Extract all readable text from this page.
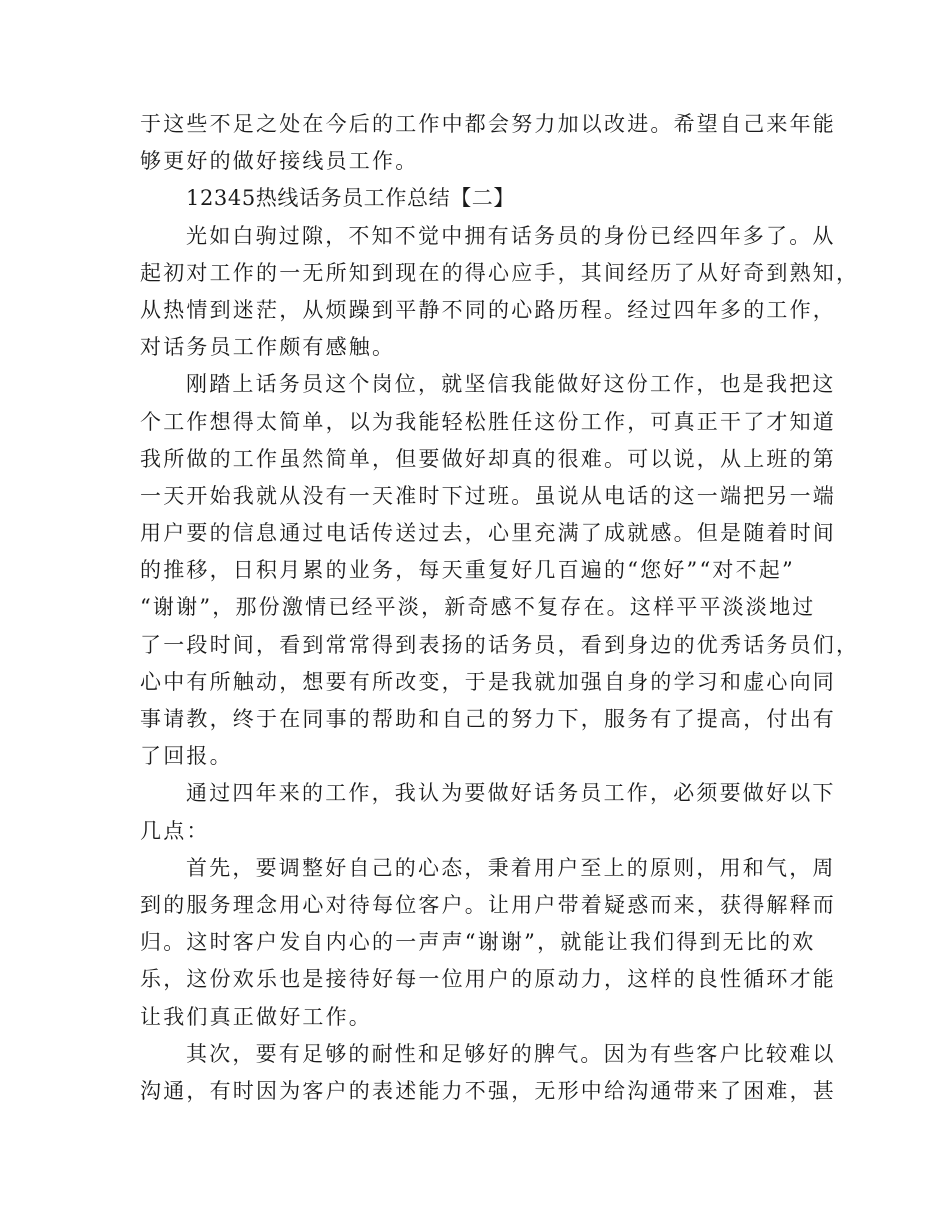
于这些不足之处在今后的工作中都会努力加以改进。希望自己来年能
够更好的做好接线员工作。
12345热线话务员工作总结【二】
光如白驹过隙，不知不觉中拥有话务员的身份已经四年多了。从
起初对工作的一无所知到现在的得心应手，其间经历了从好奇到熟知，
从热情到迷茫，从烦躁到平静不同的心路历程。经过四年多的工作，
对话务员工作颇有感触。
刚踏上话务员这个岗位，就坚信我能做好这份工作，也是我把这
个工作想得太简单，以为我能轻松胜任这份工作，可真正干了才知道
我所做的工作虽然简单，但要做好却真的很难。可以说，从上班的第
一天开始我就从没有一天准时下过班。虽说从电话的这一端把另一端
用户要的信息通过电话传送过去，心里充满了成就感。但是随着时间
的推移，日积月累的业务，每天重复好几百遍的“您好”“对不起”
“谢谢”，那份激情已经平淡，新奇感不复存在。这样平平淡淡地过
了一段时间，看到常常得到表扬的话务员，看到身边的优秀话务员们，
心中有所触动，想要有所改变，于是我就加强自身的学习和虚心向同
事请教，终于在同事的帮助和自己的努力下，服务有了提高，付出有
了回报。
通过四年来的工作，我认为要做好话务员工作，必须要做好以下
几点：
首先，要调整好自己的心态，秉着用户至上的原则，用和气，周
到的服务理念用心对待每位客户。让用户带着疑惑而来，获得解释而
归。这时客户发自内心的一声声“谢谢”，就能让我们得到无比的欢
乐，这份欢乐也是接待好每一位用户的原动力，这样的良性循环才能
让我们真正做好工作。
其次，要有足够的耐性和足够好的脾气。因为有些客户比较难以
沟通，有时因为客户的表述能力不强，无形中给沟通带来了困难，甚
